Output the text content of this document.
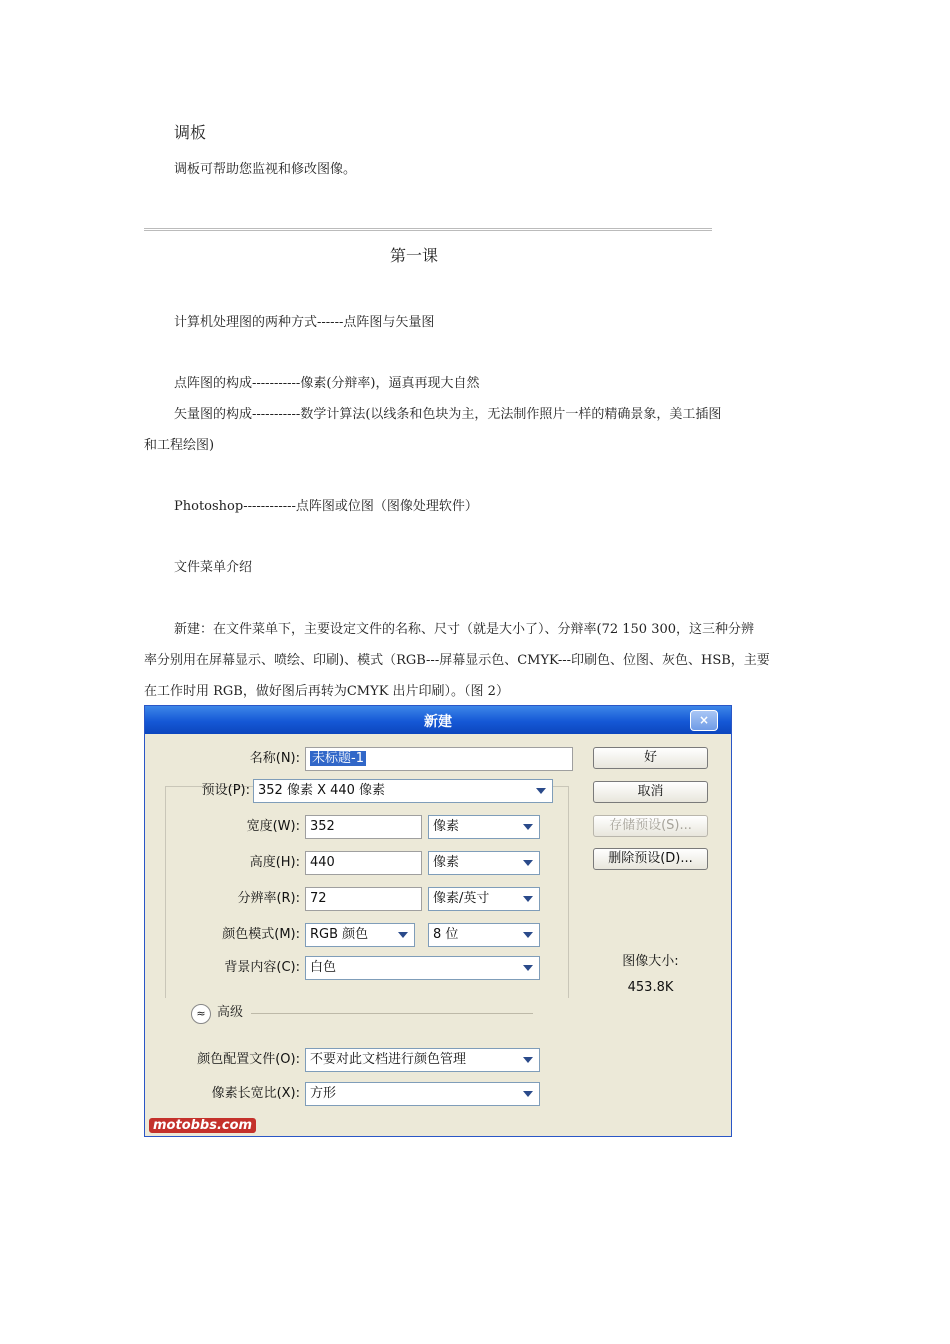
调板
调板可帮助您监视和修改图像。
第一课
计算机处理图的两种方式------点阵图与矢量图
点阵图的构成-----------像素(分辩率)，逼真再现大自然
矢量图的构成-----------数学计算法(以线条和色块为主，无法制作照片一样的精确景象，美工插图
和工程绘图)
Photoshop------------点阵图或位图（图像处理软件）
文件菜单介绍
新建：在文件菜单下，主要设定文件的名称、尺寸（就是大小了）、分辩率(72 150 300，这三种分辨
率分别用在屏幕显示、喷绘、印刷)、模式（RGB---屏幕显示色、CMYK---印刷色、位图、灰色、HSB，主要
在工作时用 RGB，做好图后再转为CMYK 出片印刷）。（图 2）
新建	×
名称(N): 未标题-1
预设(P): 352 像素 X 440 像素
宽度(W): 352	像素
高度(H): 440	像素
分辨率(R): 72	像素/英寸
颜色模式(M): RGB 颜色	8 位
背景内容(C): 白色
≈ 高级
颜色配置文件(O): 不要对此文档进行颜色管理
像素长宽比(X): 方形
好
取消
存储预设(S)...
删除预设(D)...
图像大小:
453.8K
motobbs.com
